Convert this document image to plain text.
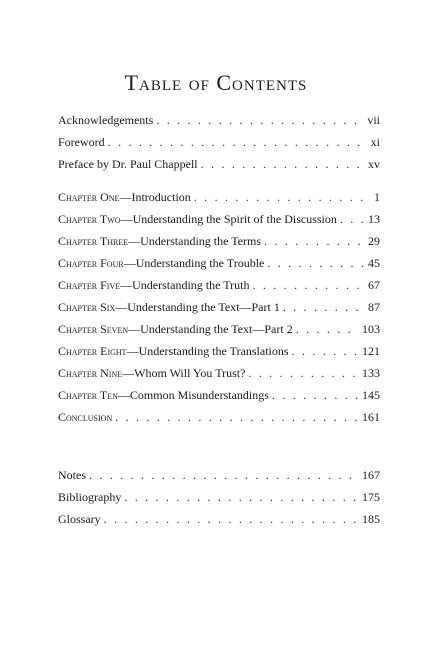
Table of Contents
Acknowledgements . . .	vii
Foreword . . .	xi
Preface by Dr. Paul Chappell . . .	xv
Chapter One—Introduction . . .	1
Chapter Two—Understanding the Spirit of the Discussion . . .	13
Chapter Three—Understanding the Terms . . .	29
Chapter Four—Understanding the Trouble . . .	45
Chapter Five—Understanding the Truth . . .	67
Chapter Six—Understanding the Text—Part 1 . . .	87
Chapter Seven—Understanding the Text—Part 2 . . .	103
Chapter Eight—Understanding the Translations . . .	121
Chapter Nine—Whom Will You Trust? . . .	133
Chapter Ten—Common Misunderstandings . . .	145
Conclusion . . .	161
Notes . . .	167
Bibliography . . .	175
Glossary . . .	185
